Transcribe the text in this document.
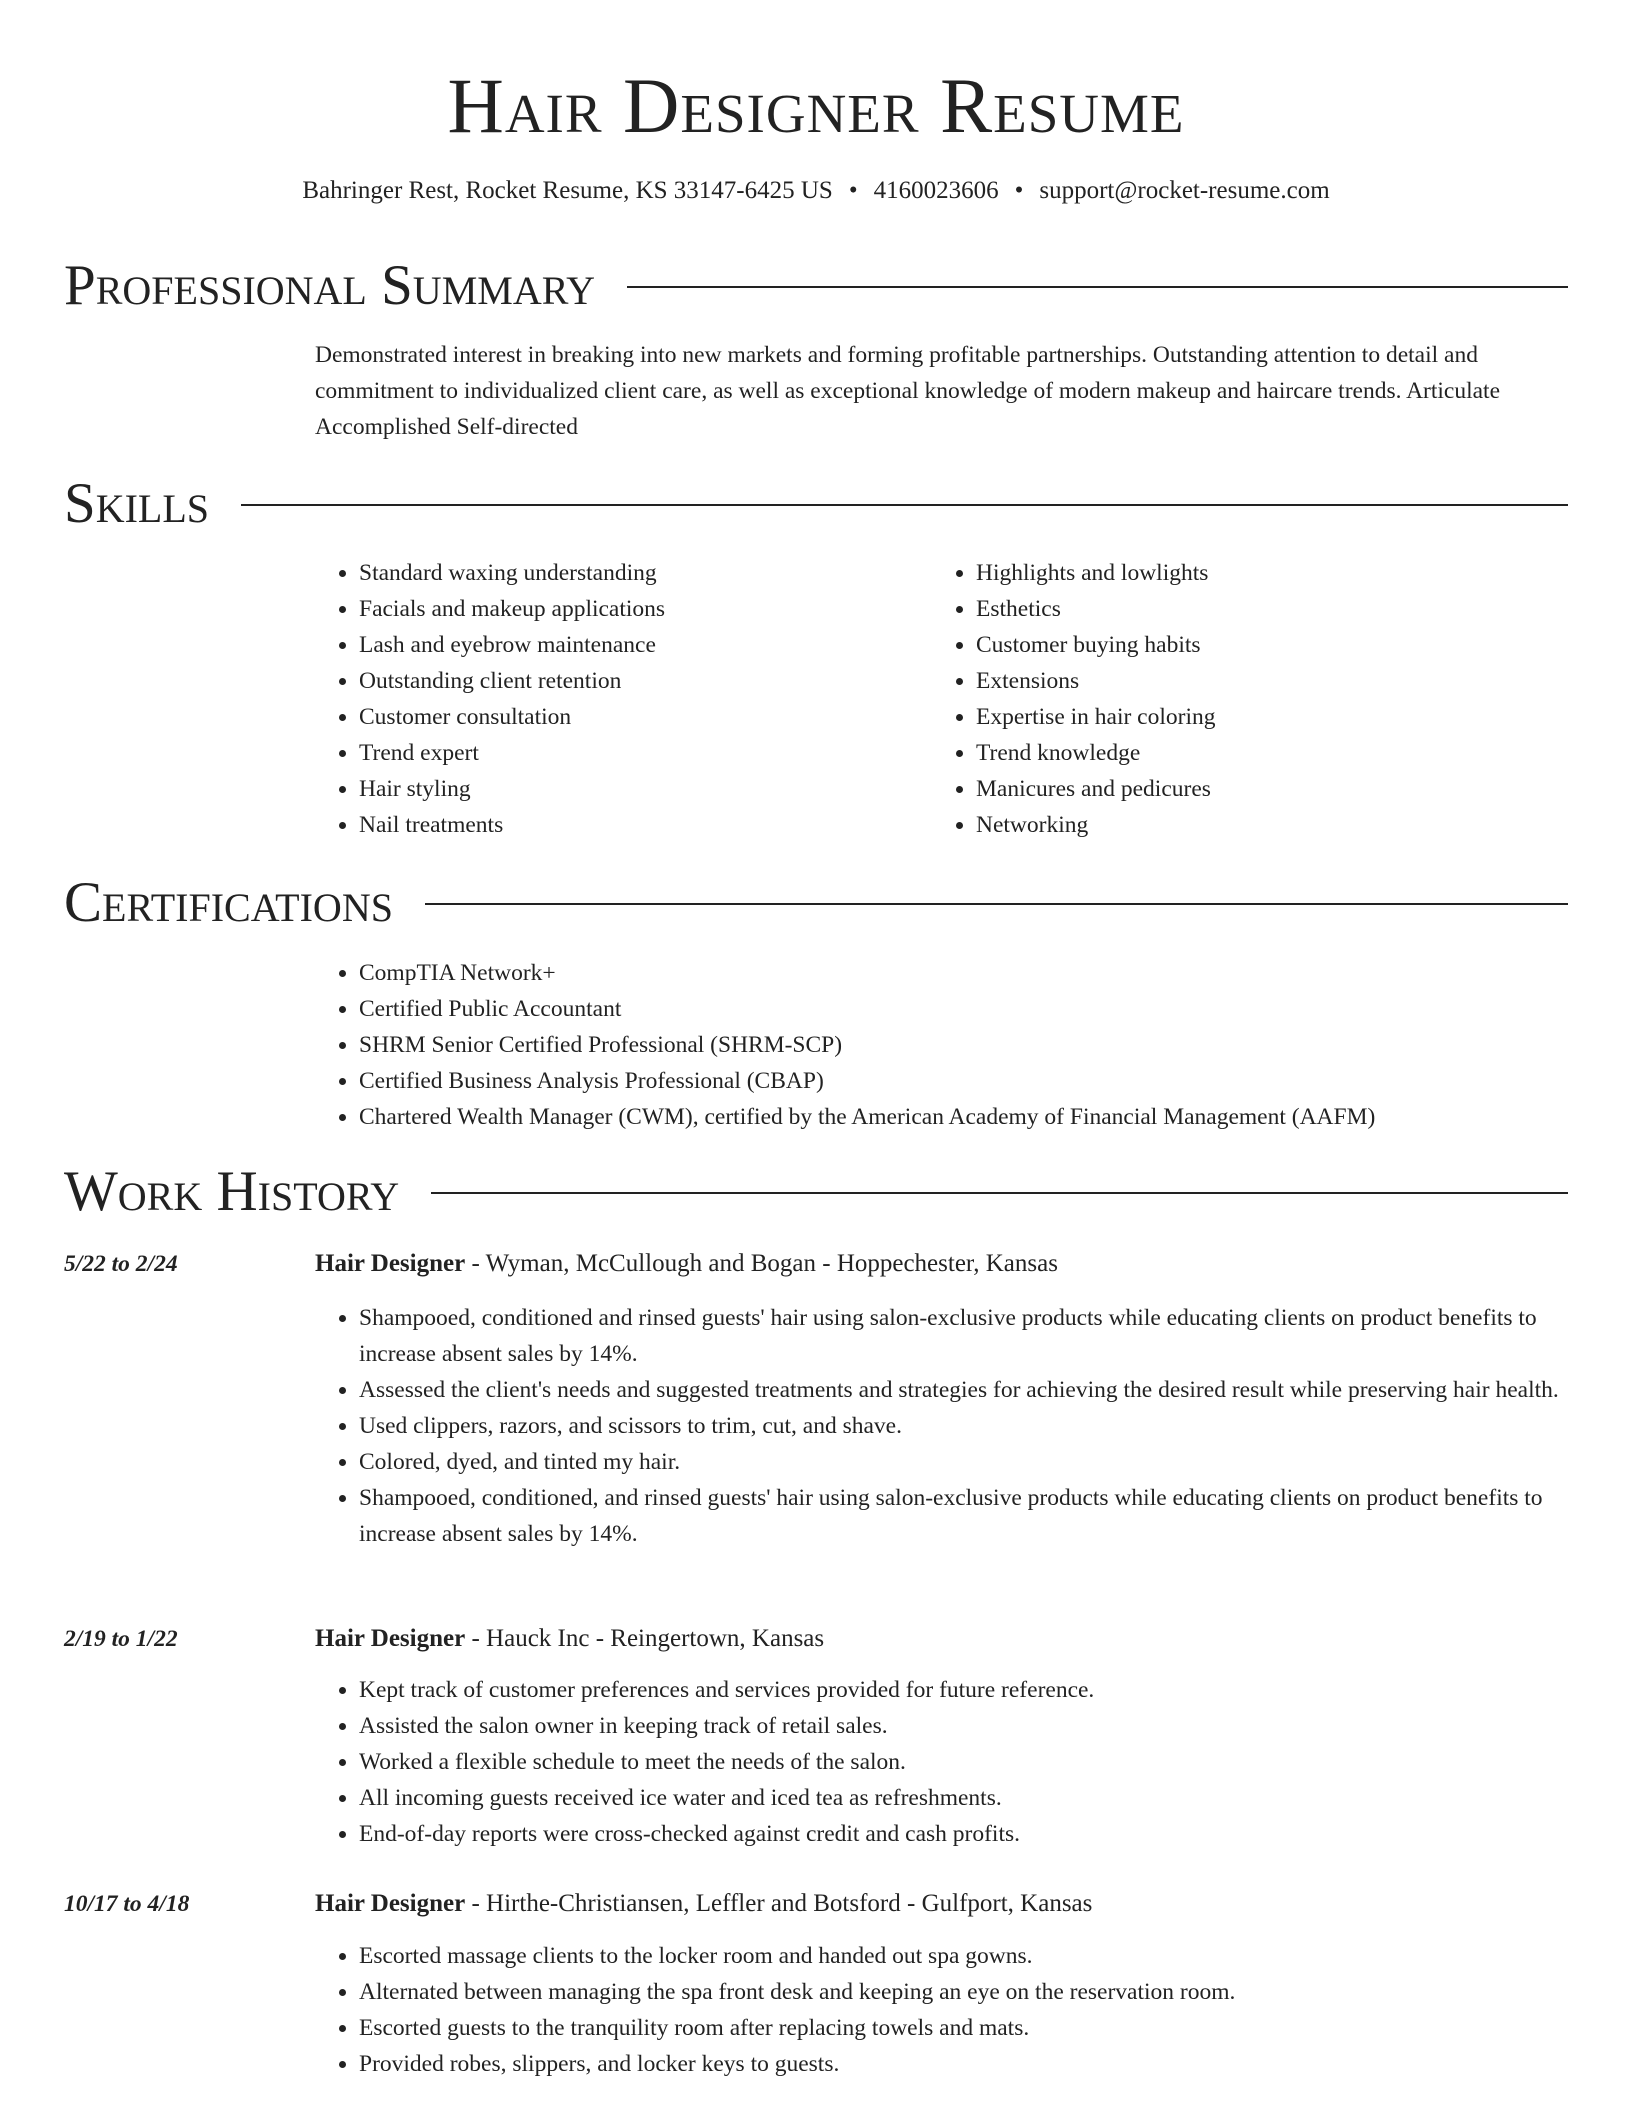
Hair Designer Resume
Bahringer Rest, Rocket Resume, KS 33147-6425 US • 4160023606 • support@rocket-resume.com
Professional Summary
Demonstrated interest in breaking into new markets and forming profitable partnerships. Outstanding attention to detail and commitment to individualized client care, as well as exceptional knowledge of modern makeup and haircare trends. Articulate Accomplished Self-directed
Skills
• Standard waxing understanding
• Facials and makeup applications
• Lash and eyebrow maintenance
• Outstanding client retention
• Customer consultation
• Trend expert
• Hair styling
• Nail treatments
• Highlights and lowlights
• Esthetics
• Customer buying habits
• Extensions
• Expertise in hair coloring
• Trend knowledge
• Manicures and pedicures
• Networking
Certifications
• CompTIA Network+
• Certified Public Accountant
• SHRM Senior Certified Professional (SHRM-SCP)
• Certified Business Analysis Professional (CBAP)
• Chartered Wealth Manager (CWM), certified by the American Academy of Financial Management (AAFM)
Work History
5/22 to 2/24	Hair Designer - Wyman, McCullough and Bogan - Hoppechester, Kansas
• Shampooed, conditioned and rinsed guests' hair using salon-exclusive products while educating clients on product benefits to increase absent sales by 14%.
• Assessed the client's needs and suggested treatments and strategies for achieving the desired result while preserving hair health.
• Used clippers, razors, and scissors to trim, cut, and shave.
• Colored, dyed, and tinted my hair.
• Shampooed, conditioned, and rinsed guests' hair using salon-exclusive products while educating clients on product benefits to increase absent sales by 14%.
2/19 to 1/22	Hair Designer - Hauck Inc - Reingertown, Kansas
• Kept track of customer preferences and services provided for future reference.
• Assisted the salon owner in keeping track of retail sales.
• Worked a flexible schedule to meet the needs of the salon.
• All incoming guests received ice water and iced tea as refreshments.
• End-of-day reports were cross-checked against credit and cash profits.
10/17 to 4/18	Hair Designer - Hirthe-Christiansen, Leffler and Botsford - Gulfport, Kansas
• Escorted massage clients to the locker room and handed out spa gowns.
• Alternated between managing the spa front desk and keeping an eye on the reservation room.
• Escorted guests to the tranquility room after replacing towels and mats.
• Provided robes, slippers, and locker keys to guests.
